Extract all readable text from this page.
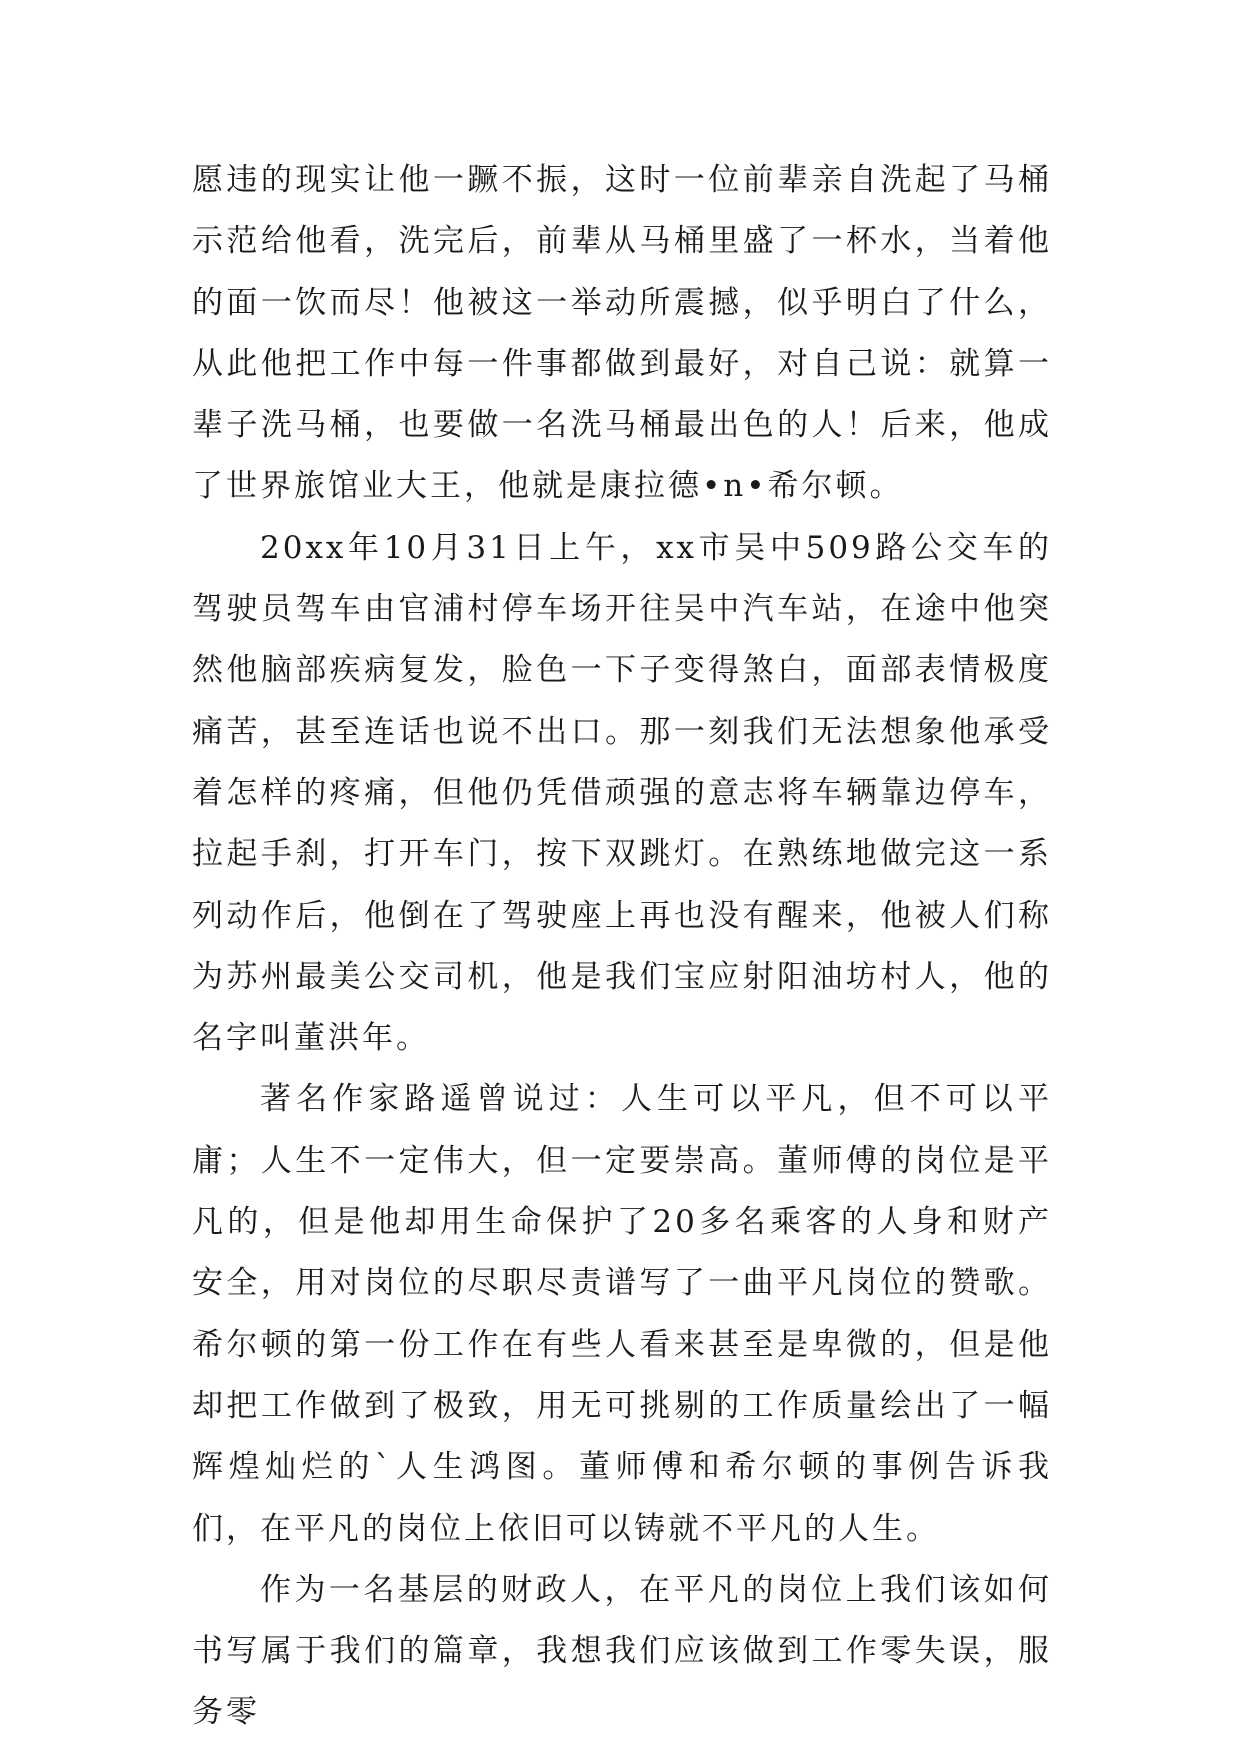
愿违的现实让他一蹶不振，这时一位前辈亲自洗起了马桶示范给他看，洗完后，前辈从马桶里盛了一杯水，当着他的面一饮而尽！他被这一举动所震撼，似乎明白了什么，从此他把工作中每一件事都做到最好，对自己说：就算一辈子洗马桶，也要做一名洗马桶最出色的人！后来，他成了世界旅馆业大王，他就是康拉德•n•希尔顿。

20xx年10月31日上午，xx市吴中509路公交车的驾驶员驾车由官浦村停车场开往吴中汽车站，在途中他突然他脑部疾病复发，脸色一下子变得煞白，面部表情极度痛苦，甚至连话也说不出口。那一刻我们无法想象他承受着怎样的疼痛，但他仍凭借顽强的意志将车辆靠边停车，拉起手刹，打开车门，按下双跳灯。在熟练地做完这一系列动作后，他倒在了驾驶座上再也没有醒来，他被人们称为苏州最美公交司机，他是我们宝应射阳油坊村人，他的名字叫董洪年。

著名作家路遥曾说过：人生可以平凡，但不可以平庸；人生不一定伟大，但一定要崇高。董师傅的岗位是平凡的，但是他却用生命保护了20多名乘客的人身和财产安全，用对岗位的尽职尽责谱写了一曲平凡岗位的赞歌。希尔顿的第一份工作在有些人看来甚至是卑微的，但是他却把工作做到了极致，用无可挑剔的工作质量绘出了一幅辉煌灿烂的`人生鸿图。董师傅和希尔顿的事例告诉我们，在平凡的岗位上依旧可以铸就不平凡的人生。

作为一名基层的财政人，在平凡的岗位上我们该如何书写属于我们的篇章，我想我们应该做到工作零失误，服务零
